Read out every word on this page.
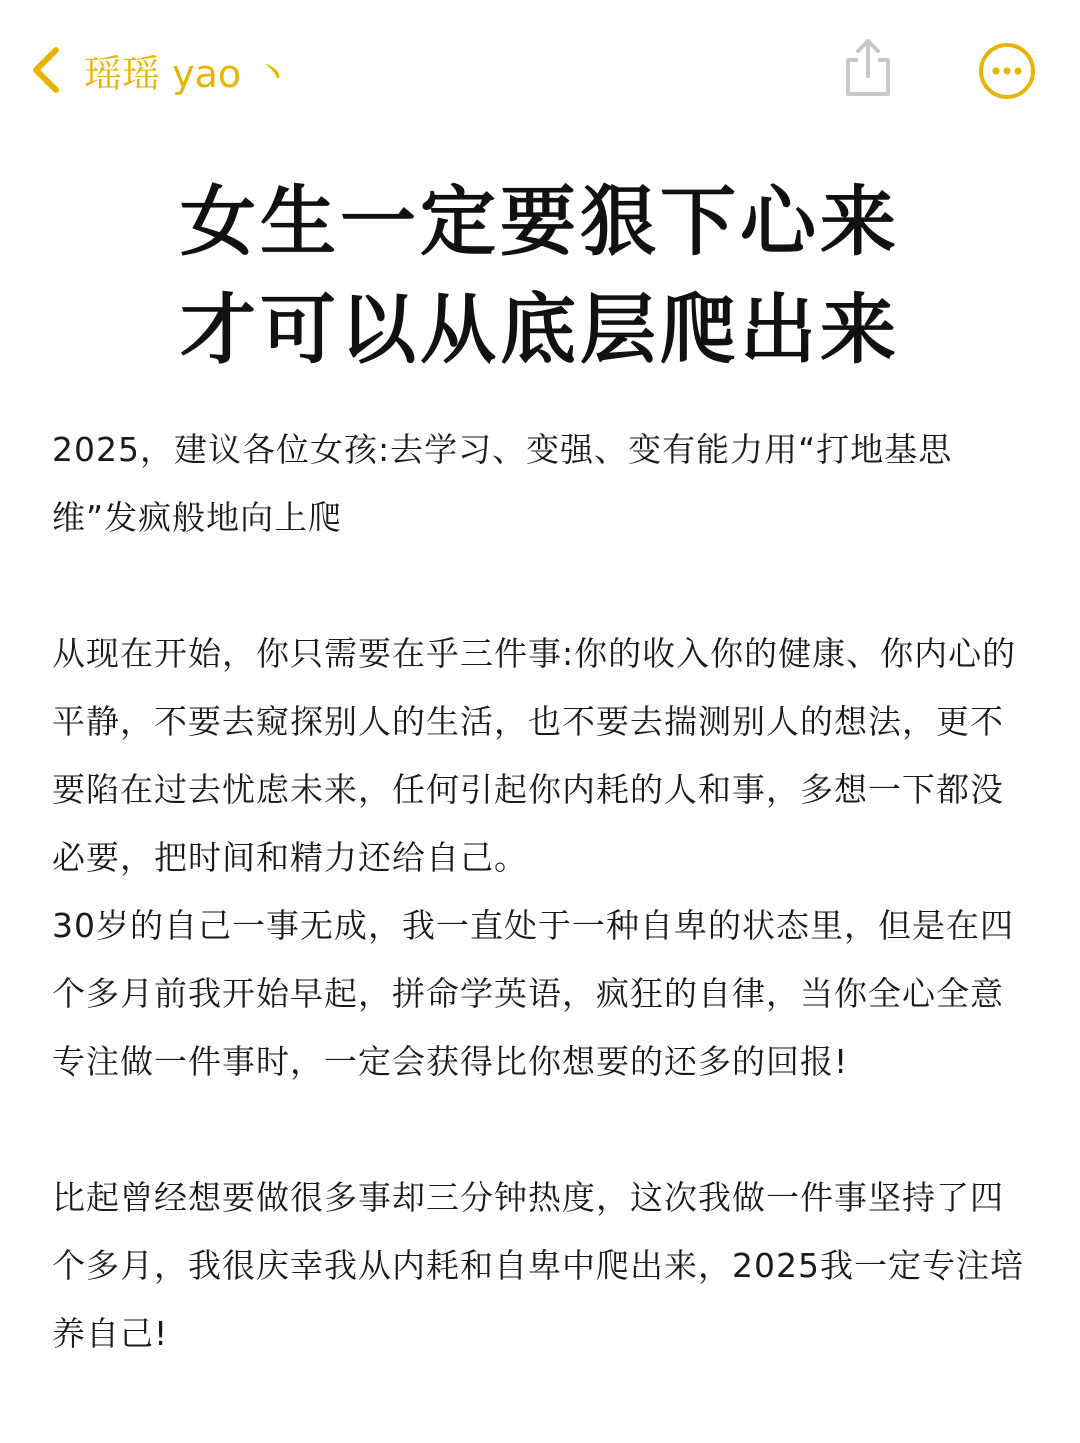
瑶瑶 yao 丶
女生一定要狠下心来
才可以从底层爬出来

2025，建议各位女孩:去学习、变强、变有能力用“打地基思维”发疯般地向上爬

从现在开始，你只需要在乎三件事:你的收入你的健康、你内心的平静，不要去窥探别人的生活，也不要去揣测别人的想法，更不要陷在过去忧虑未来，任何引起你内耗的人和事，多想一下都没必要，把时间和精力还给自己。

30岁的自己一事无成，我一直处于一种自卑的状态里，但是在四个多月前我开始早起，拼命学英语，疯狂的自律，当你全心全意专注做一件事时，一定会获得比你想要的还多的回报!

比起曾经想要做很多事却三分钟热度，这次我做一件事坚持了四个多月，我很庆幸我从内耗和自卑中爬出来，2025我一定专注培养自己!
